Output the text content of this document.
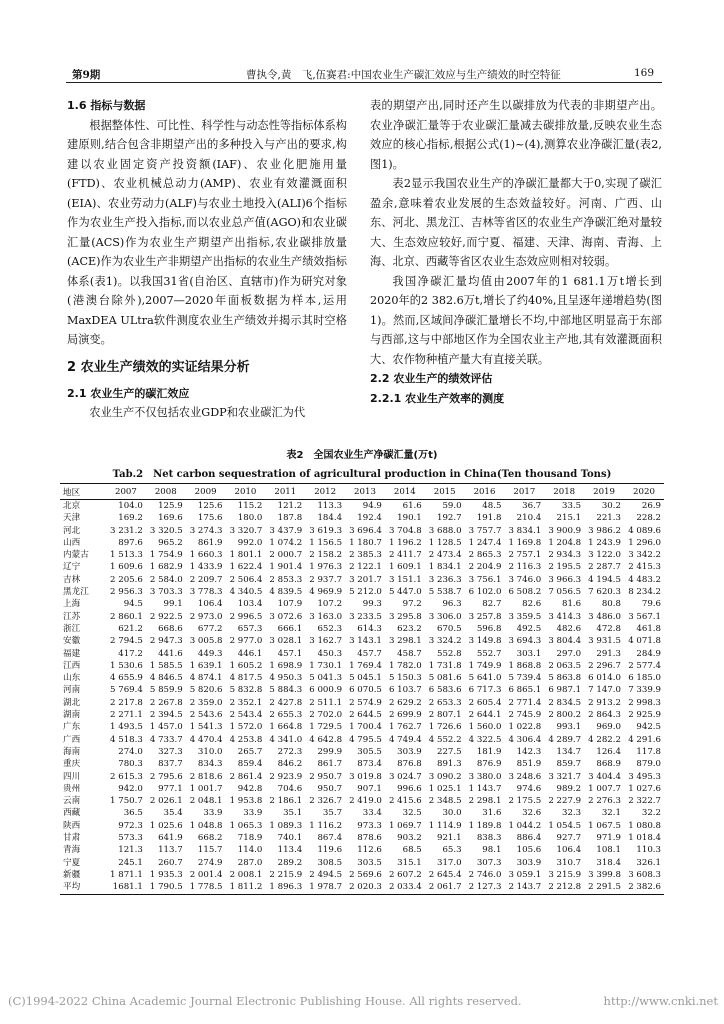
第9期	曹执令,黄　飞,伍赛君:中国农业生产碳汇效应与生产绩效的时空特征	169
1.6 指标与数据

根据整体性、可比性、科学性与动态性等指标体系构建原则,结合包含非期望产出的多种投入与产出的要求,构建以农业固定资产投资额(IAF)、农业化肥施用量(FTD)、农业机械总动力(AMP)、农业有效灌溉面积(EIA)、农业劳动力(ALF)与农业土地投入(ALI)6个指标作为农业生产投入指标,而以农业总产值(AGO)和农业碳汇量(ACS)作为农业生产期望产出指标,农业碳排放量(ACE)作为农业生产非期望产出指标的农业生产绩效指标体系(表1)。以我国31省(自治区、直辖市)作为研究对象(港澳台除外),2007—2020年面板数据为样本,运用MaxDEA ULtra软件测度农业生产绩效并揭示其时空格局演变。

2 农业生产绩效的实证结果分析
2.1 农业生产的碳汇效应

农业生产不仅包括农业GDP和农业碳汇为代

表的期望产出,同时还产生以碳排放为代表的非期望产出。农业净碳汇量等于农业碳汇量减去碳排放量,反映农业生态效应的核心指标,根据公式(1)~(4),测算农业净碳汇量(表2,图1)。

表2显示我国农业生产的净碳汇量都大于0,实现了碳汇盈余,意味着农业发展的生态效益较好。河南、广西、山东、河北、黑龙江、吉林等省区的农业生产净碳汇绝对量较大、生态效应较好,而宁夏、福建、天津、海南、青海、上海、北京、西藏等省区农业生态效应则相对较弱。

我国净碳汇量均值由2007年的1 681.1万t增长到2020年的2 382.6万t,增长了约40%,且呈逐年递增趋势(图1)。然而,区域间净碳汇量增长不均,中部地区明显高于东部与西部,这与中部地区作为全国农业主产地,其有效灌溉面积大、农作物种植产量大有直接关联。

2.2 农业生产的绩效评估
2.2.1 农业生产效率的测度
表2　全国农业生产净碳汇量(万t)
Tab.2　Net carbon sequestration of agricultural production in China(Ten thousand Tons)
地区	2007	2008	2009	2010	2011	2012	2013	2014	2015	2016	2017	2018	2019	2020
北京	104.0	125.9	125.6	115.2	121.2	113.3	94.9	61.6	59.0	48.5	36.7	33.5	30.2	26.9
天津	169.2	169.6	175.6	180.0	187.8	184.4	192.4	190.1	192.7	191.8	210.4	215.1	221.3	228.2
河北	3 231.2	3 320.5	3 274.3	3 320.7	3 437.9	3 619.3	3 696.4	3 704.8	3 688.0	3 757.7	3 834.1	3 900.9	3 986.2	4 089.6
山西	897.6	965.2	861.9	992.0	1 074.2	1 156.5	1 180.7	1 196.2	1 128.5	1 247.4	1 169.8	1 204.8	1 243.9	1 296.0
内蒙古	1 513.3	1 754.9	1 660.3	1 801.1	2 000.7	2 158.2	2 385.3	2 411.7	2 473.4	2 865.3	2 757.1	2 934.3	3 122.0	3 342.2
辽宁	1 609.6	1 682.9	1 433.9	1 622.4	1 901.4	1 976.3	2 122.1	1 609.1	1 834.1	2 204.9	2 116.3	2 195.5	2 287.7	2 415.3
吉林	2 205.6	2 584.0	2 209.7	2 506.4	2 853.3	2 937.7	3 201.7	3 151.1	3 236.3	3 756.1	3 746.0	3 966.3	4 194.5	4 483.2
黑龙江	2 956.3	3 703.3	3 778.3	4 340.5	4 839.5	4 969.9	5 212.0	5 447.0	5 538.7	6 102.0	6 508.2	7 056.5	7 620.3	8 234.2
上海	94.5	99.1	106.4	103.4	107.9	107.2	99.3	97.2	96.3	82.7	82.6	81.6	80.8	79.6
江苏	2 860.1	2 922.5	2 973.0	2 996.5	3 072.6	3 163.0	3 233.5	3 295.8	3 306.0	3 257.8	3 359.5	3 414.3	3 486.0	3 567.1
浙江	621.2	668.6	677.2	657.3	666.1	652.3	614.3	623.2	670.5	596.8	492.5	482.6	472.8	461.8
安徽	2 794.5	2 947.3	3 005.8	2 977.0	3 028.1	3 162.7	3 143.1	3 298.1	3 324.2	3 149.8	3 694.3	3 804.4	3 931.5	4 071.8
福建	417.2	441.6	449.3	446.1	457.1	450.3	457.7	458.7	552.8	552.7	303.1	297.0	291.3	284.9
江西	1 530.6	1 585.5	1 639.1	1 605.2	1 698.9	1 730.1	1 769.4	1 782.0	1 731.8	1 749.9	1 868.8	2 063.5	2 296.7	2 577.4
山东	4 655.9	4 846.5	4 874.1	4 817.5	4 950.3	5 041.3	5 045.1	5 150.3	5 081.6	5 641.0	5 739.4	5 863.8	6 014.0	6 185.0
河南	5 769.4	5 859.9	5 820.6	5 832.8	5 884.3	6 000.9	6 070.5	6 103.7	6 583.6	6 717.3	6 865.1	6 987.1	7 147.0	7 339.9
湖北	2 217.8	2 267.8	2 359.0	2 352.1	2 427.8	2 511.1	2 574.9	2 629.2	2 653.3	2 605.4	2 771.4	2 834.5	2 913.2	2 998.3
湖南	2 271.1	2 394.5	2 543.6	2 543.4	2 655.3	2 702.0	2 644.5	2 699.9	2 807.1	2 644.1	2 745.9	2 800.2	2 864.3	2 925.9
广东	1 493.5	1 457.0	1 541.3	1 572.0	1 664.8	1 729.5	1 700.4	1 762.7	1 726.6	1 560.0	1 022.8	993.1	969.0	942.5
广西	4 518.3	4 733.7	4 470.4	4 253.8	4 341.0	4 642.8	4 795.5	4 749.4	4 552.2	4 322.5	4 306.4	4 289.7	4 282.2	4 291.6
海南	274.0	327.3	310.0	265.7	272.3	299.9	305.5	303.9	227.5	181.9	142.3	134.7	126.4	117.8
重庆	780.3	837.7	834.3	859.4	846.2	861.7	873.4	876.8	891.3	876.9	851.9	859.7	868.9	879.0
四川	2 615.3	2 795.6	2 818.6	2 861.4	2 923.9	2 950.7	3 019.8	3 024.7	3 090.2	3 380.0	3 248.6	3 321.7	3 404.4	3 495.3
贵州	942.0	977.1	1 001.7	942.8	704.6	950.7	907.1	996.6	1 025.1	1 143.7	974.6	989.2	1 007.7	1 027.6
云南	1 750.7	2 026.1	2 048.1	1 953.8	2 186.1	2 326.7	2 419.0	2 415.6	2 348.5	2 298.1	2 175.5	2 227.9	2 276.3	2 322.7
西藏	36.5	35.4	33.9	33.9	35.1	35.7	33.4	32.5	30.0	31.6	32.6	32.3	32.1	32.2
陕西	972.3	1 025.6	1 048.8	1 065.3	1 089.3	1 116.2	973.3	1 069.7	1 114.9	1 189.8	1 044.2	1 054.5	1 067.5	1 080.8
甘肃	573.3	641.9	668.2	718.9	740.1	867.4	878.6	903.2	921.1	838.3	886.4	927.7	971.9	1 018.4
青海	121.3	113.7	115.7	114.0	113.4	119.6	112.6	68.5	65.3	98.1	105.6	106.4	108.1	110.3
宁夏	245.1	260.7	274.9	287.0	289.2	308.5	303.5	315.1	317.0	307.3	303.9	310.7	318.4	326.1
新疆	1 871.1	1 935.3	2 001.4	2 008.1	2 215.9	2 494.5	2 569.6	2 607.2	2 645.4	2 746.0	3 059.1	3 215.9	3 399.8	3 608.3
平均	1681.1	1 790.5	1 778.5	1 811.2	1 896.3	1 978.7	2 020.3	2 033.4	2 061.7	2 127.3	2 143.7	2 212.8	2 291.5	2 382.6
(C)1994-2022 China Academic Journal Electronic Publishing House. All rights reserved.	http://www.cnki.net
